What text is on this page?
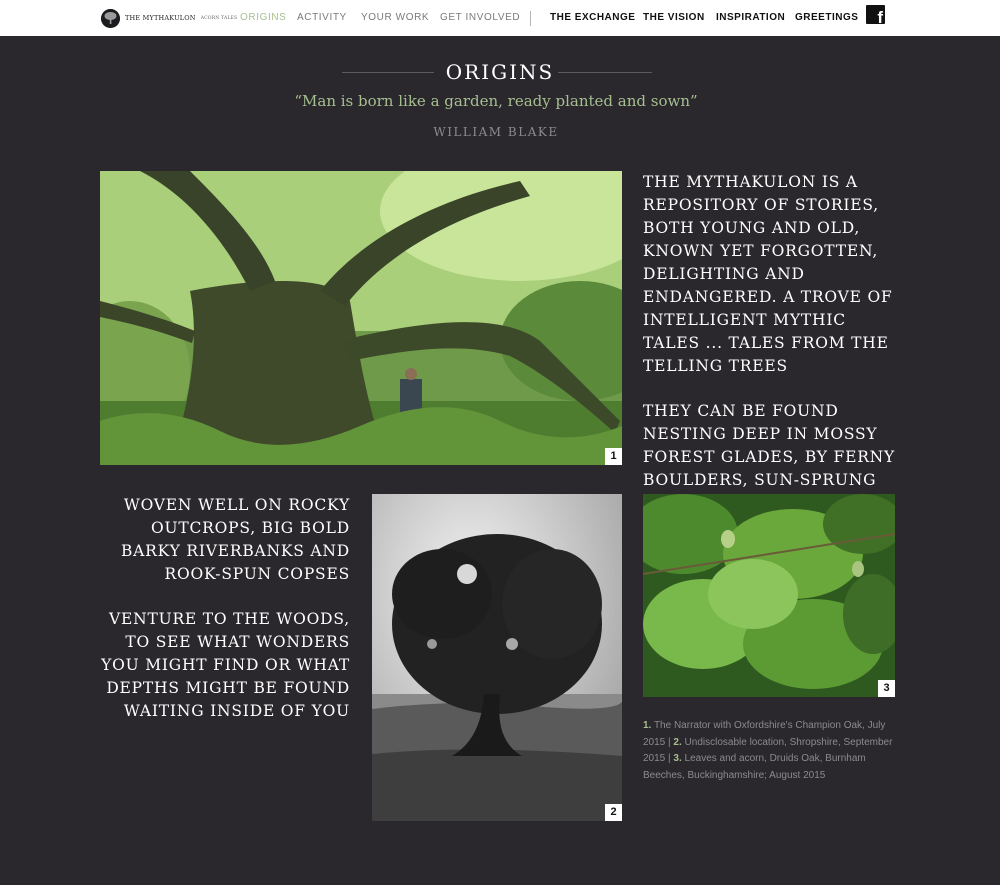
THE MYTHAKULON ACORN TALES ORIGINS ACTIVITY YOUR WORK GET INVOLVED	THE EXCHANGE THE VISION INSPIRATION GREETINGS f
ORIGINS
“Man is born like a garden, ready planted and sown”
WILLIAM BLAKE
1

THE MYTHAKULON IS A REPOSITORY OF STORIES, BOTH YOUNG AND OLD, KNOWN YET FORGOTTEN, DELIGHTING AND ENDANGERED. A TROVE OF INTELLIGENT MYTHIC TALES ... TALES FROM THE TELLING TREES

THEY CAN BE FOUND NESTING DEEP IN MOSSY FOREST GLADES, BY FERNY BOULDERS, SUN-SPRUNG

WOVEN WELL ON ROCKY OUTCROPS, BIG BOLD BARKY RIVERBANKS AND ROOK-SPUN COPSES

VENTURE TO THE WOODS, TO SEE WHAT WONDERS YOU MIGHT FIND OR WHAT DEPTHS MIGHT BE FOUND WAITING INSIDE OF YOU

2
3
1. The Narrator with Oxfordshire's Champion Oak, July 2015 | 2. Undisclosable location, Shropshire, September 2015 | 3. Leaves and acorn, Druids Oak, Burnham Beeches, Buckinghamshire; August 2015
